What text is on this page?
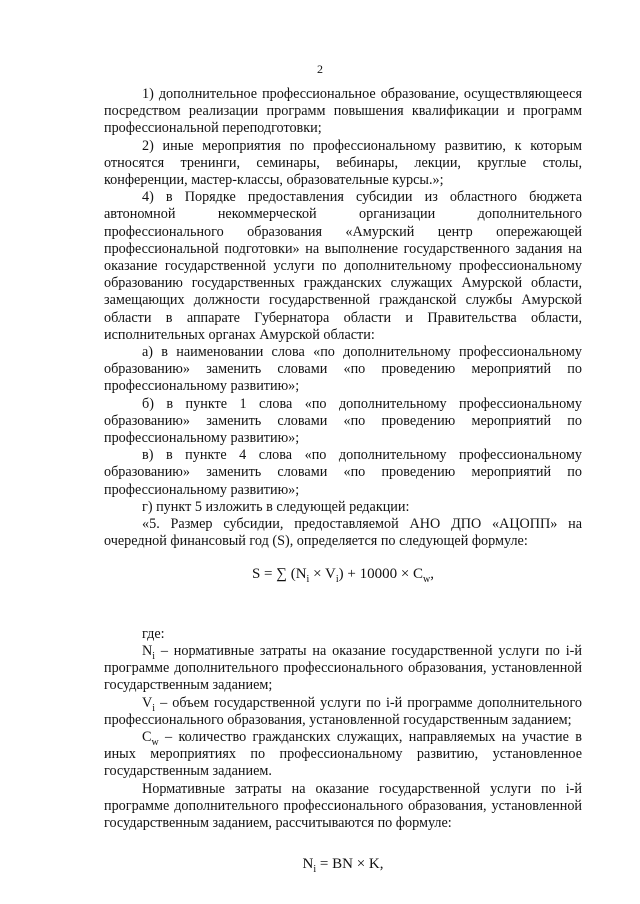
2

1) дополнительное профессиональное образование, осуществляющееся посредством реализации программ повышения квалификации и программ профессиональной переподготовки;

2) иные мероприятия по профессиональному развитию, к которым относятся тренинги, семинары, вебинары, лекции, круглые столы, конференции, мастер-классы, образовательные курсы.»;

4) в Порядке предоставления субсидии из областного бюджета автономной некоммерческой организации дополнительного профессионального образования «Амурский центр опережающей профессиональной подготовки» на выполнение государственного задания на оказание государственной услуги по дополнительному профессиональному образованию государственных гражданских служащих Амурской области, замещающих должности государственной гражданской службы Амурской области в аппарате Губернатора области и Правительства области, исполнительных органах Амурской области:

а) в наименовании слова «по дополнительному профессиональному образованию» заменить словами «по проведению мероприятий по профессиональному развитию»;

б) в пункте 1 слова «по дополнительному профессиональному образованию» заменить словами «по проведению мероприятий по профессиональному развитию»;

в) в пункте 4 слова «по дополнительному профессиональному образованию» заменить словами «по проведению мероприятий по профессиональному развитию»;

г) пункт 5 изложить в следующей редакции:

«5. Размер субсидии, предоставляемой АНО ДПО «АЦОПП» на очередной финансовый год (S), определяется по следующей формуле:

S = ∑ $(N_i \times V_i) + 10000 \times C_w$,

где:

$N_i$ – нормативные затраты на оказание государственной услуги по i-й программе дополнительного профессионального образования, установленной государственным заданием;

$V_i$ – объем государственной услуги по i-й программе дополнительного профессионального образования, установленной государственным заданием;

$C_w$ – количество гражданских служащих, направляемых на участие в иных мероприятиях по профессиональному развитию, установленное государственным заданием.

Нормативные затраты на оказание государственной услуги по i-й программе дополнительного профессионального образования, установленной государственным заданием, рассчитываются по формуле:

$N_i$ = BN × K,
